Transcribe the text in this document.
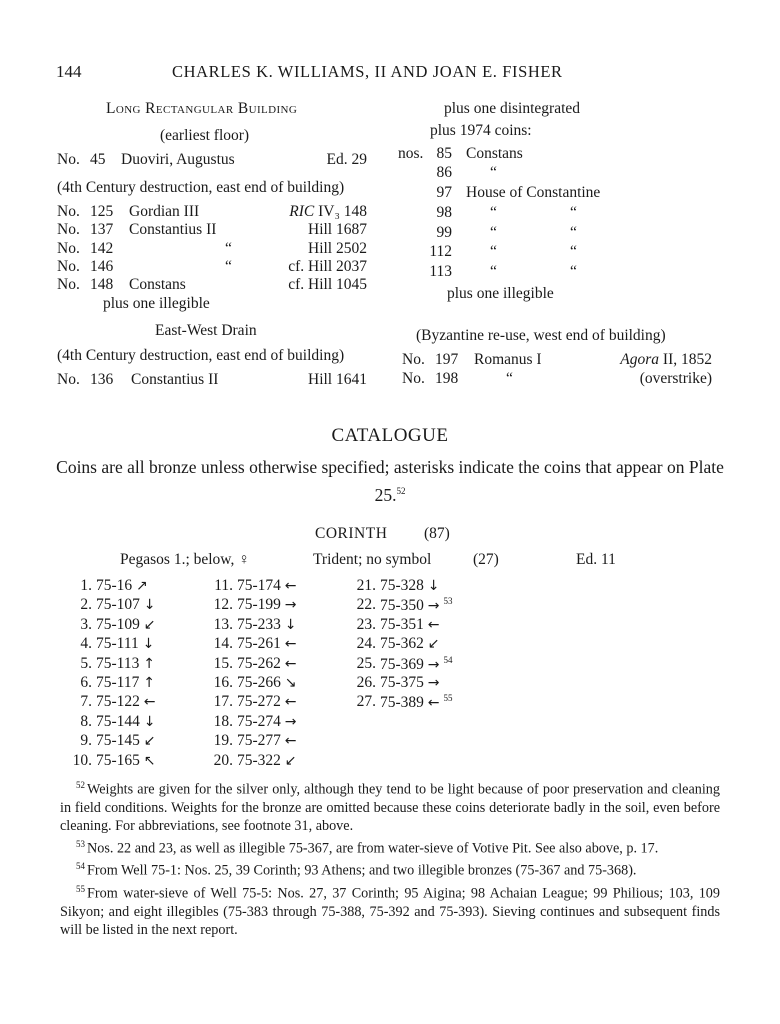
144	CHARLES K. WILLIAMS, II AND JOAN E. FISHER
Long Rectangular Building
(earliest floor)
No. 45 Duoviri, Augustus	Ed. 29
(4th Century destruction, east end of building)
No. 125 Gordian III	RIC IV₃ 148
No. 137 Constantius II	Hill 1687
No. 142	“	Hill 2502
No. 146	“	cf. Hill 2037
No. 148 Constans	cf. Hill 1045
plus one illegible
East-West Drain
(4th Century destruction, east end of building)
No. 136 Constantius II	Hill 1641
plus one disintegrated
plus 1974 coins:
nos. 85 Constans
86 “
97 House of Constantine
98 “	“
99 “	“
112 “	“
113 “	“
plus one illegible
(Byzantine re-use, west end of building)
No. 197 Romanus I	Agora II, 1852
No. 198	“	(overstrike)
CATALOGUE
Coins are all bronze unless otherwise specified; asterisks indicate the coins that appear on Plate 25.52
CORINTH (87)
Pegasos 1.; below, ♀	Trident; no symbol	(27)	Ed. 11
1. 75-16 ↗
2. 75-107 ↓
3. 75-109 ↙
4. 75-111 ↓
5. 75-113 ↑
6. 75-117 ↑
7. 75-122 ←
8. 75-144 ↓
9. 75-145 ↙
10. 75-165 ↖
11. 75-174 ←
12. 75-199 →
13. 75-233 ↓
14. 75-261 ←
15. 75-262 ←
16. 75-266 ↘
17. 75-272 ←
18. 75-274 →
19. 75-277 ←
20. 75-322 ↙
21. 75-328 ↓
22. 75-350 → $^{53}$
23. 75-351 ←
24. 75-362 ↙
25. 75-369 → $^{54}$
26. 75-375 →
27. 75-389 ← $^{55}$

$^{52}$ Weights are given for the silver only, although they tend to be light because of poor preservation and cleaning in field conditions. Weights for the bronze are omitted because these coins deteriorate badly in the soil, even before cleaning. For abbreviations, see footnote 31, above.

$^{53}$ Nos. 22 and 23, as well as illegible 75-367, are from water-sieve of Votive Pit. See also above, p. 17.

$^{54}$ From Well 75-1: Nos. 25, 39 Corinth; 93 Athens; and two illegible bronzes (75-367 and 75-368).

$^{55}$ From water-sieve of Well 75-5: Nos. 27, 37 Corinth; 95 Aigina; 98 Achaian League; 99 Philious; 103, 109 Sikyon; and eight illegibles (75-383 through 75-388, 75-392 and 75-393). Sieving continues and subsequent finds will be listed in the next report.
